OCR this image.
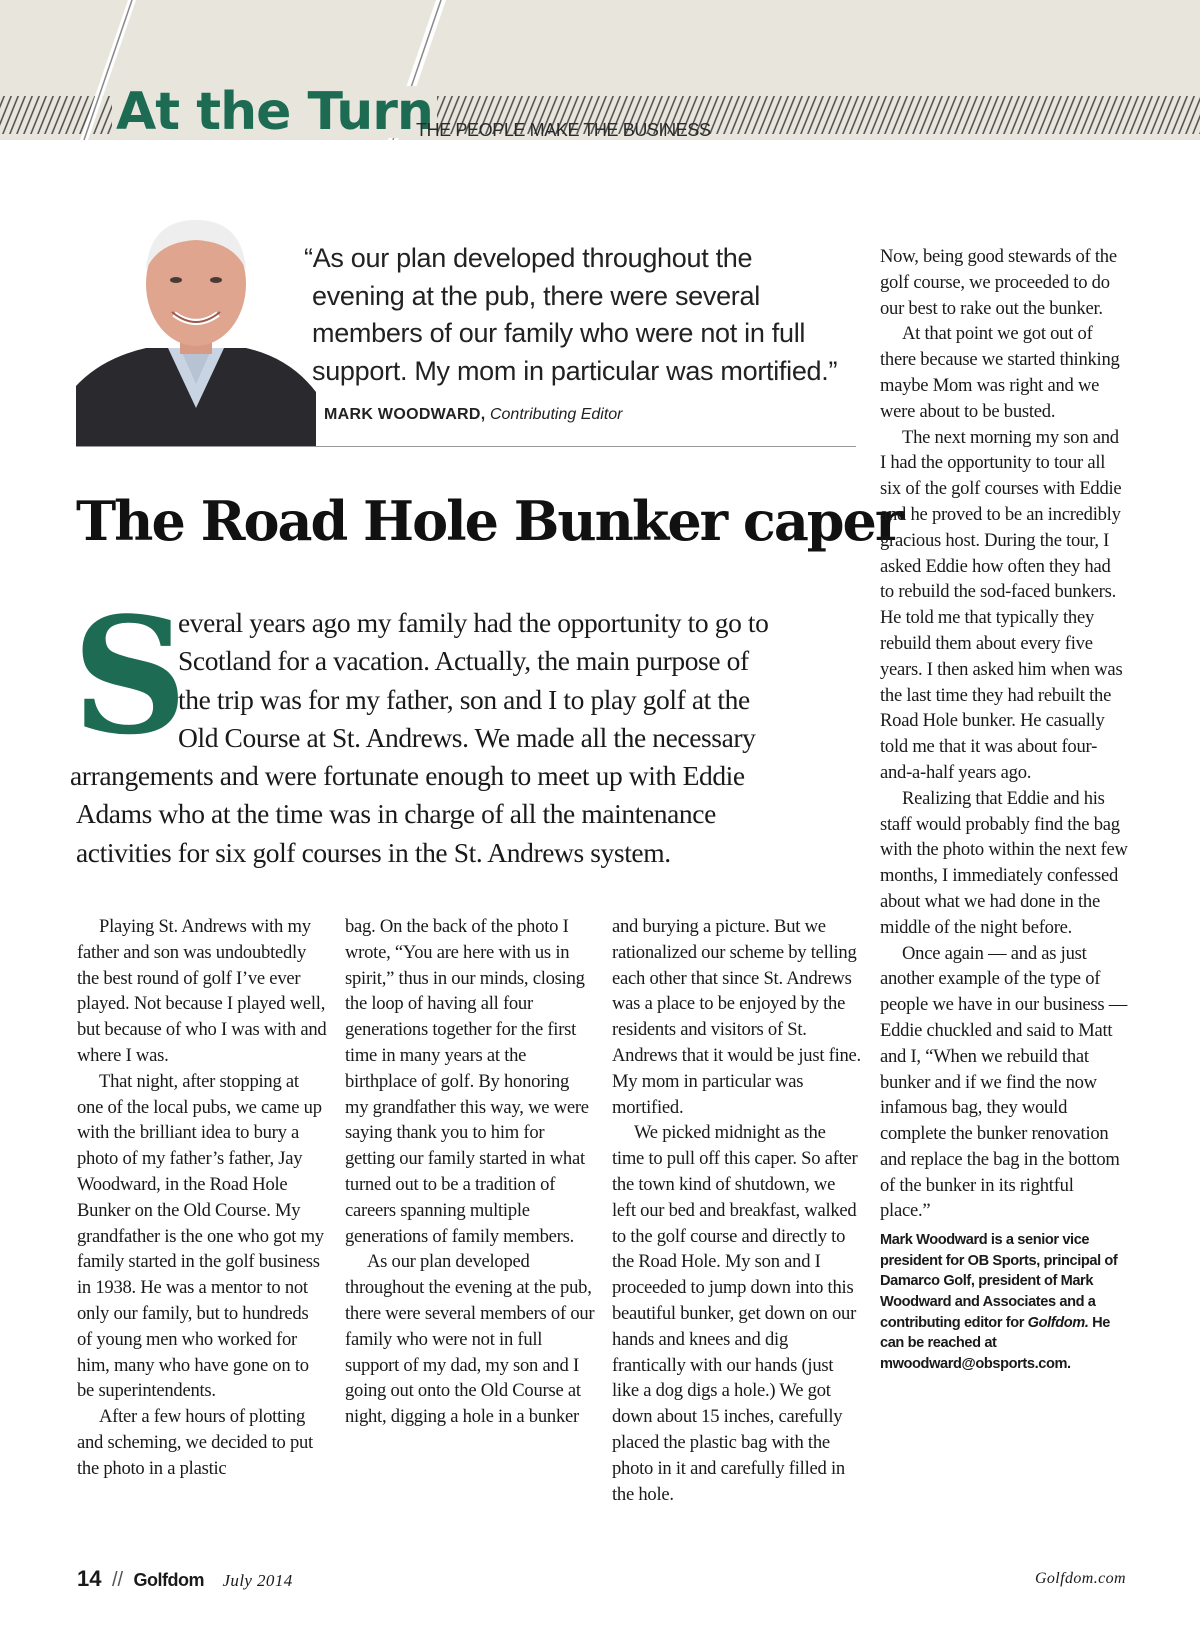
At the Turn
THE PEOPLE MAKE THE BUSINESS
“As our plan developed throughout the
evening at the pub, there were several
members of our family who were not in full
support. My mom in particular was mortified.”
MARK WOODWARD, Contributing Editor
The Road Hole Bunker caper
S
everal years ago my family had the opportunity to go to
Scotland for a vacation. Actually, the main purpose of
the trip was for my father, son and I to play golf at the
Old Course at St. Andrews. We made all the necessary
arrangements and were fortunate enough to meet up with Eddie
Adams who at the time was in charge of all the maintenance
activities for six golf courses in the St. Andrews system.

Playing St. Andrews with my father and son was undoubtedly the best round of golf I’ve ever played. Not because I played well, but because of who I was with and where I was.

That night, after stopping at one of the local pubs, we came up with the brilliant idea to bury a photo of my father’s father, Jay Woodward, in the Road Hole Bunker on the Old Course. My grandfather is the one who got my family started in the golf business in 1938. He was a mentor to not only our family, but to hundreds of young men who worked for him, many who have gone on to be superintendents.

After a few hours of plotting and scheming, we decided to put the photo in a plastic

bag. On the back of the photo I wrote, “You are here with us in spirit,” thus in our minds, closing the loop of having all four generations together for the first time in many years at the birthplace of golf. By honoring my grandfather this way, we were saying thank you to him for getting our family started in what turned out to be a tradition of careers spanning multiple generations of family members.

As our plan developed throughout the evening at the pub, there were several members of our family who were not in full support of my dad, my son and I going out onto the Old Course at night, digging a hole in a bunker

and burying a picture. But we rationalized our scheme by telling each other that since St. Andrews was a place to be enjoyed by the residents and visitors of St. Andrews that it would be just fine. My mom in particular was mortified.

We picked midnight as the time to pull off this caper. So after the town kind of shutdown, we left our bed and breakfast, walked to the golf course and directly to the Road Hole. My son and I proceeded to jump down into this beautiful bunker, get down on our hands and knees and dig frantically with our hands (just like a dog digs a hole.) We got down about 15 inches, carefully placed the plastic bag with the photo in it and carefully filled in the hole.

Now, being good stewards of the golf course, we proceeded to do our best to rake out the bunker.

At that point we got out of there because we started thinking maybe Mom was right and we were about to be busted.

The next morning my son and I had the opportunity to tour all six of the golf courses with Eddie and he proved to be an incredibly gracious host. During the tour, I asked Eddie how often they had to rebuild the sod-faced bunkers. He told me that typically they rebuild them about every five years. I then asked him when was the last time they had rebuilt the Road Hole bunker. He casually told me that it was about four-and-a-half years ago.

Realizing that Eddie and his staff would probably find the bag with the photo within the next few months, I immediately confessed about what we had done in the middle of the night before.

Once again — and as just another example of the type of people we have in our business — Eddie chuckled and said to Matt and I, “When we rebuild that bunker and if we find the now infamous bag, they would complete the bunker renovation and replace the bag in the bottom of the bunker in its rightful place.”

Mark Woodward is a senior vice president for OB Sports, principal of Damarco Golf, president of Mark Woodward and Associates and a contributing editor for Golfdom. He can be reached at mwoodward@obsports.com.
14 // Golfdom July 2014	Golfdom.com
